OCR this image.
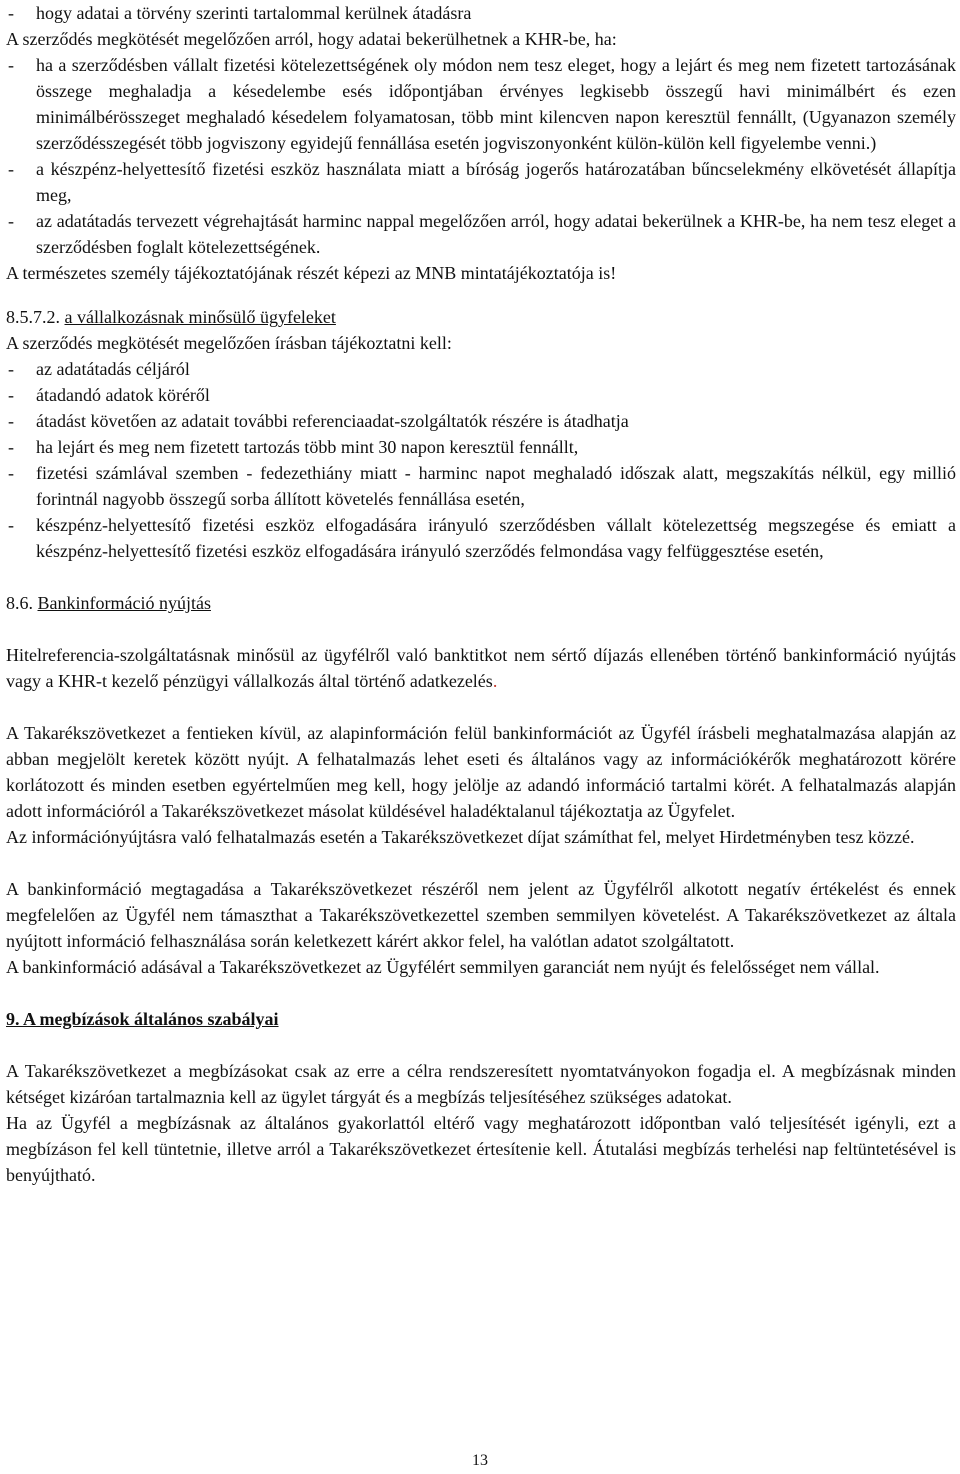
- hogy adatai a törvény szerinti tartalommal kerülnek átadásra

A szerződés megkötését megelőzően arról, hogy adatai bekerülhetnek a KHR-be, ha:

- ha a szerződésben vállalt fizetési kötelezettségének oly módon nem tesz eleget, hogy a lejárt és meg nem fizetett tartozásának összege meghaladja a késedelembe esés időpontjában érvényes legkisebb összegű havi minimálbért és ezen minimálbérösszeget meghaladó késedelem folyamatosan, több mint kilencven napon keresztül fennállt, (Ugyanazon személy szerződésszegését több jogviszony egyidejű fennállása esetén jogviszonyonként külön-külön kell figyelembe venni.)

- a készpénz-helyettesítő fizetési eszköz használata miatt a bíróság jogerős határozatában bűncselekmény elkövetését állapítja meg,

- az adatátadás tervezett végrehajtását harminc nappal megelőzően arról, hogy adatai bekerülnek a KHR-be, ha nem tesz eleget a szerződésben foglalt kötelezettségének.

A természetes személy tájékoztatójának részét képezi az MNB mintatájékoztatója is!

8.5.7.2. a vállalkozásnak minősülő ügyfeleket

A szerződés megkötését megelőzően írásban tájékoztatni kell:

- az adatátadás céljáról

- átadandó adatok köréről

- átadást követően az adatait további referenciaadat-szolgáltatók részére is átadhatja

- ha lejárt és meg nem fizetett tartozás több mint 30 napon keresztül fennállt,

- fizetési számlával szemben - fedezethiány miatt - harminc napot meghaladó időszak alatt, megszakítás nélkül, egy millió forintnál nagyobb összegű sorba állított követelés fennállása esetén,

- készpénz-helyettesítő fizetési eszköz elfogadására irányuló szerződésben vállalt kötelezettség megszegése és emiatt a készpénz-helyettesítő fizetési eszköz elfogadására irányuló szerződés felmondása vagy felfüggesztése esetén,

8.6. Bankinformáció nyújtás

Hitelreferencia-szolgáltatásnak minősül az ügyfélről való banktitkot nem sértő díjazás ellenében történő bankinformáció nyújtás vagy a KHR-t kezelő pénzügyi vállalkozás által történő adatkezelés.

A Takarékszövetkezet a fentieken kívül, az alapinformáción felül bankinformációt az Ügyfél írásbeli meghatalmazása alapján az abban megjelölt keretek között nyújt. A felhatalmazás lehet eseti és általános vagy az információkérők meghatározott körére korlátozott és minden esetben egyértelműen meg kell, hogy jelölje az adandó információ tartalmi körét. A felhatalmazás alapján adott információról a Takarékszövetkezet másolat küldésével haladéktalanul tájékoztatja az Ügyfelet.

Az információnyújtásra való felhatalmazás esetén a Takarékszövetkezet díjat számíthat fel, melyet Hirdetményben tesz közzé.

A bankinformáció megtagadása a Takarékszövetkezet részéről nem jelent az Ügyfélről alkotott negatív értékelést és ennek megfelelően az Ügyfél nem támaszthat a Takarékszövetkezettel szemben semmilyen követelést. A Takarékszövetkezet az általa nyújtott információ felhasználása során keletkezett kárért akkor felel, ha valótlan adatot szolgáltatott.

A bankinformáció adásával a Takarékszövetkezet az Ügyfélért semmilyen garanciát nem nyújt és felelősséget nem vállal.

9. A megbízások általános szabályai

A Takarékszövetkezet a megbízásokat csak az erre a célra rendszeresített nyomtatványokon fogadja el. A megbízásnak minden kétséget kizáróan tartalmaznia kell az ügylet tárgyát és a megbízás teljesítéséhez szükséges adatokat.

Ha az Ügyfél a megbízásnak az általános gyakorlattól eltérő vagy meghatározott időpontban való teljesítését igényli, ezt a megbízáson fel kell tüntetnie, illetve arról a Takarékszövetkezet értesítenie kell. Átutalási megbízás terhelési nap feltüntetésével is benyújtható.

13
